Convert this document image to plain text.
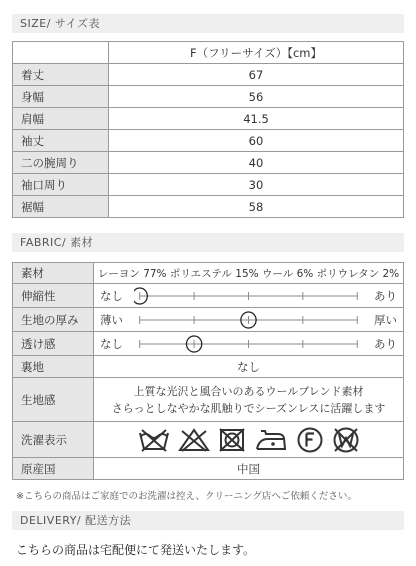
SIZE/ サイズ表
	F（フリーサイズ）【cm】
着丈	67
身幅	56
肩幅	41.5
袖丈	60
二の腕周り	40
袖口周り	30
裾幅	58
FABRIC/ 素材
素材	レーヨン 77% ポリエステル 15% ウール 6% ポリウレタン 2%
伸縮性	なし あり

生地の厚み	薄い 厚い

透け感	なし あり

裏地	なし
生地感	上質な光沢と風合いのあるウールブレンド素材
さらっとしなやかな肌触りでシーズンレスに活躍します

洗濯表示	

原産国	中国
※こちらの商品はご家庭でのお洗濯は控え、クリーニング店へご依頼ください。
DELIVERY/ 配送方法
こちらの商品は宅配便にて発送いたします。
